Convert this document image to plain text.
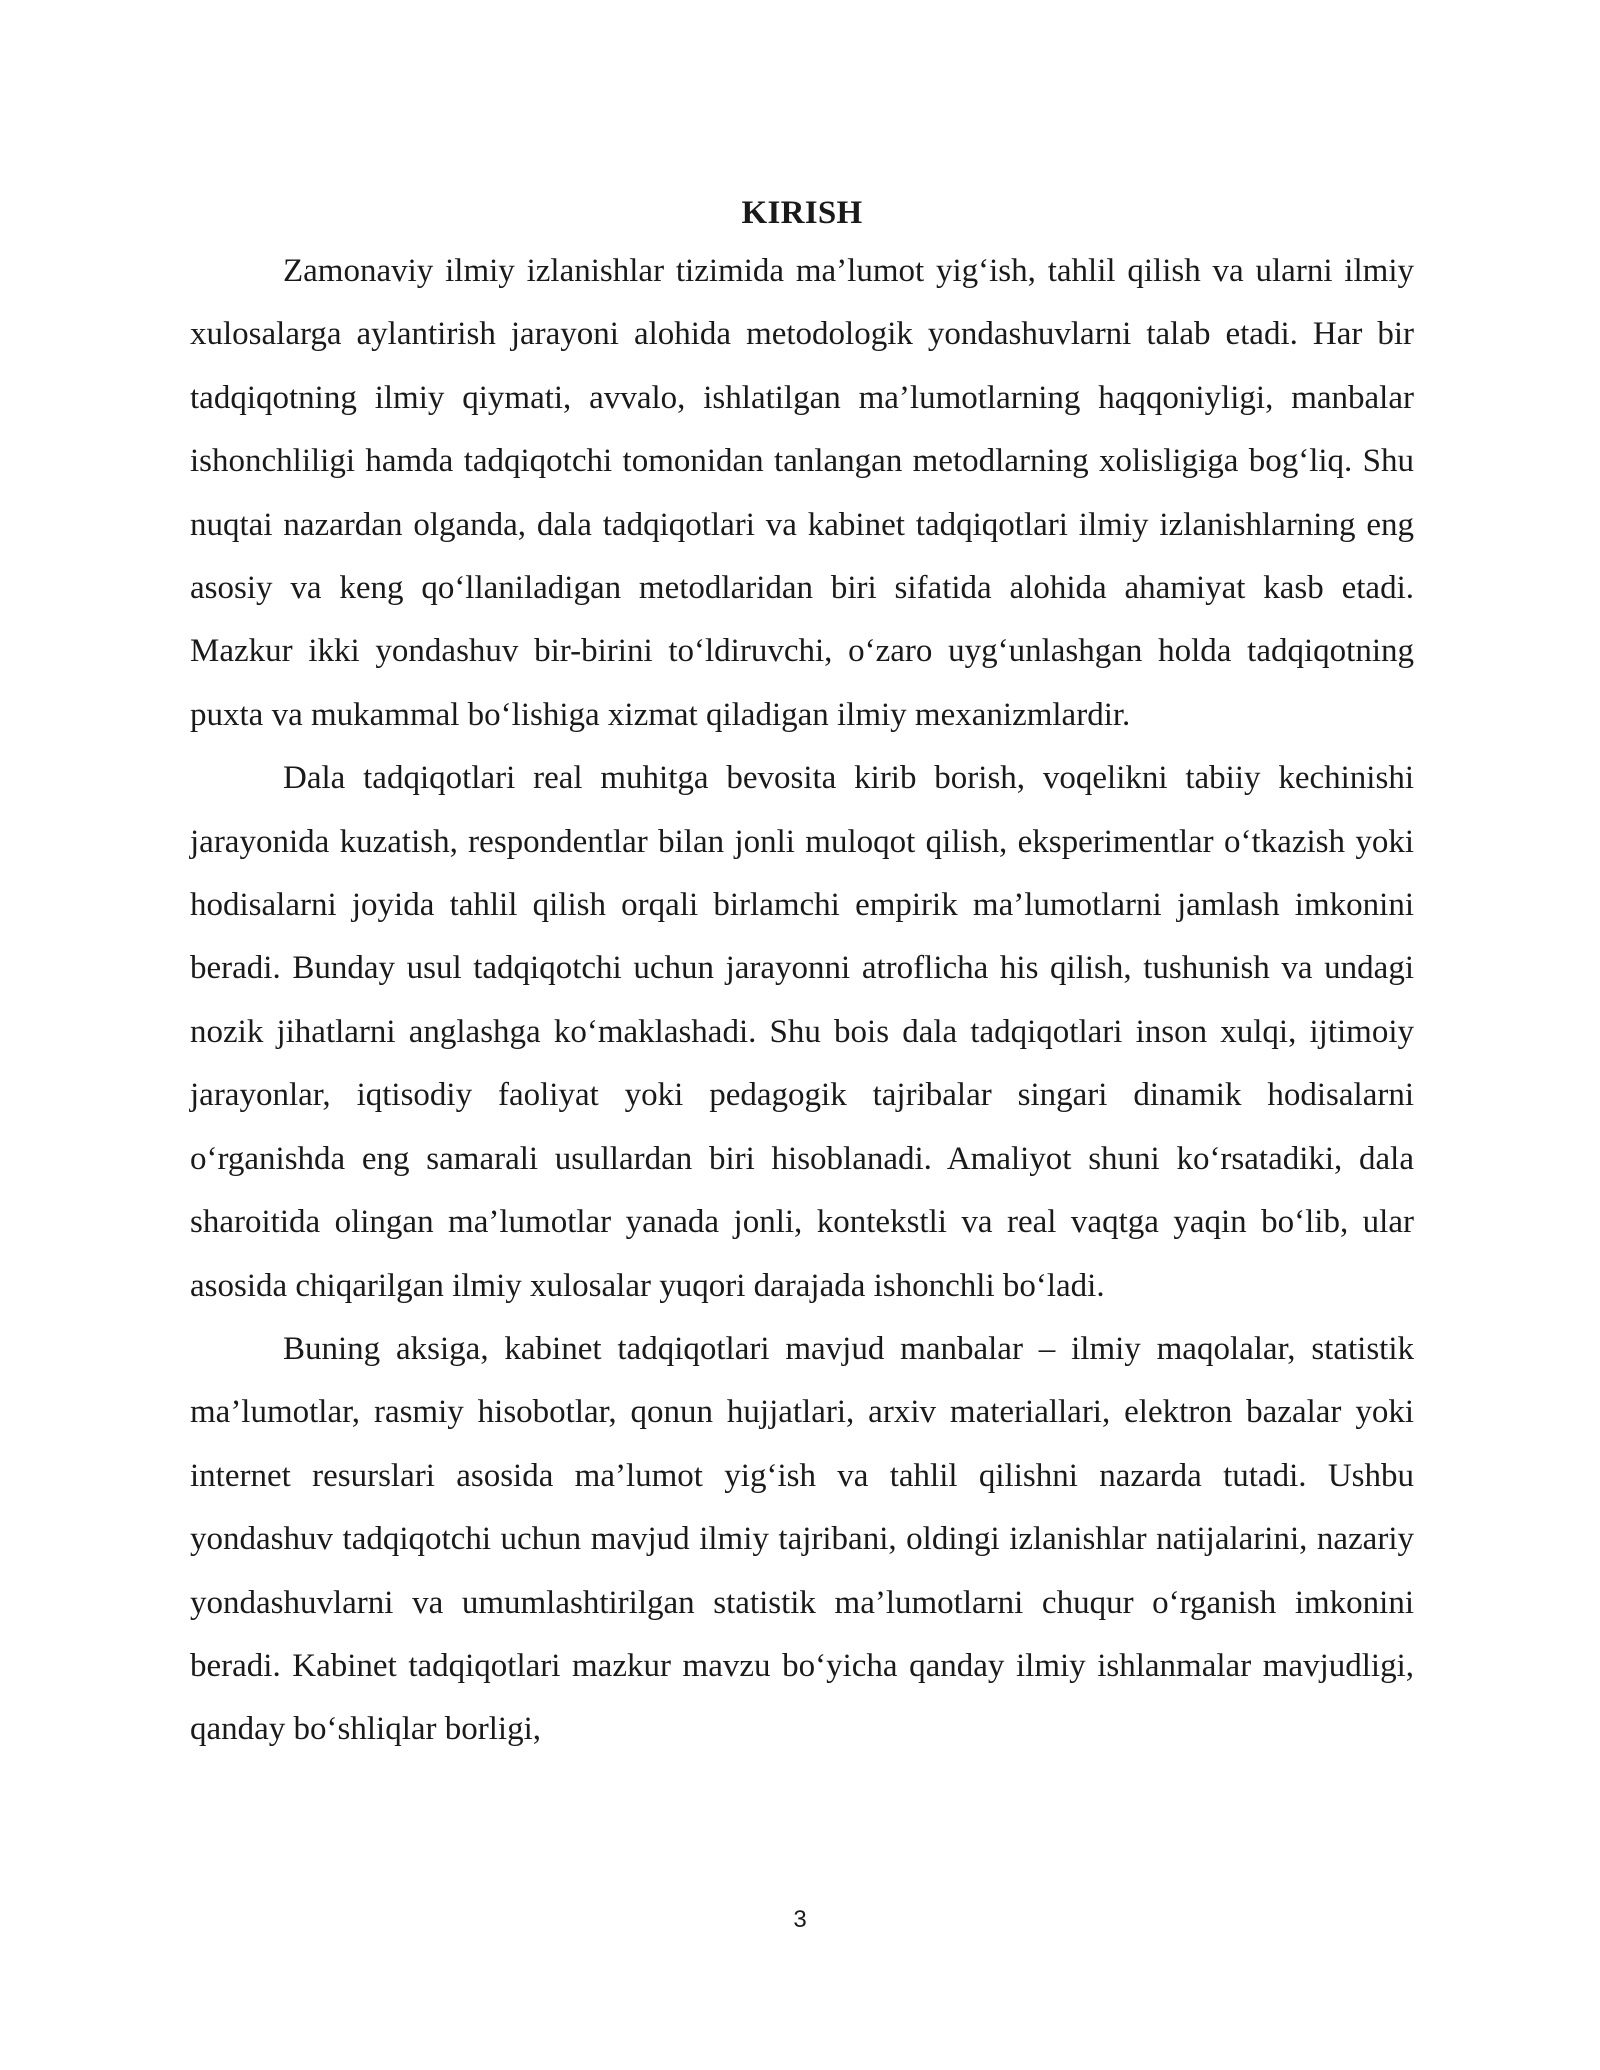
KIRISH

Zamonaviy ilmiy izlanishlar tizimida ma’lumot yig‘ish, tahlil qilish va ularni ilmiy xulosalarga aylantirish jarayoni alohida metodologik yondashuvlarni talab etadi. Har bir tadqiqotning ilmiy qiymati, avvalo, ishlatilgan ma’lumotlarning haqqoniyligi, manbalar ishonchliligi hamda tadqiqotchi tomonidan tanlangan metodlarning xolisligiga bog‘liq. Shu nuqtai nazardan olganda, dala tadqiqotlari va kabinet tadqiqotlari ilmiy izlanishlarning eng asosiy va keng qo‘llaniladigan metodlaridan biri sifatida alohida ahamiyat kasb etadi. Mazkur ikki yondashuv bir-birini to‘ldiruvchi, o‘zaro uyg‘unlashgan holda tadqiqotning puxta va mukammal bo‘lishiga xizmat qiladigan ilmiy mexanizmlardir.

Dala tadqiqotlari real muhitga bevosita kirib borish, voqelikni tabiiy kechinishi jarayonida kuzatish, respondentlar bilan jonli muloqot qilish, eksperimentlar o‘tkazish yoki hodisalarni joyida tahlil qilish orqali birlamchi empirik ma’lumotlarni jamlash imkonini beradi. Bunday usul tadqiqotchi uchun jarayonni atroflicha his qilish, tushunish va undagi nozik jihatlarni anglashga ko‘maklashadi. Shu bois dala tadqiqotlari inson xulqi, ijtimoiy jarayonlar, iqtisodiy faoliyat yoki pedagogik tajribalar singari dinamik hodisalarni o‘rganishda eng samarali usullardan biri hisoblanadi. Amaliyot shuni ko‘rsatadiki, dala sharoitida olingan ma’lumotlar yanada jonli, kontekstli va real vaqtga yaqin bo‘lib, ular asosida chiqarilgan ilmiy xulosalar yuqori darajada ishonchli bo‘ladi.

Buning aksiga, kabinet tadqiqotlari mavjud manbalar – ilmiy maqolalar, statistik ma’lumotlar, rasmiy hisobotlar, qonun hujjatlari, arxiv materiallari, elektron bazalar yoki internet resurslari asosida ma’lumot yig‘ish va tahlil qilishni nazarda tutadi. Ushbu yondashuv tadqiqotchi uchun mavjud ilmiy tajribani, oldingi izlanishlar natijalarini, nazariy yondashuvlarni va umumlashtirilgan statistik ma’lumotlarni chuqur o‘rganish imkonini beradi. Kabinet tadqiqotlari mazkur mavzu bo‘yicha qanday ilmiy ishlanmalar mavjudligi, qanday bo‘shliqlar borligi,

3
